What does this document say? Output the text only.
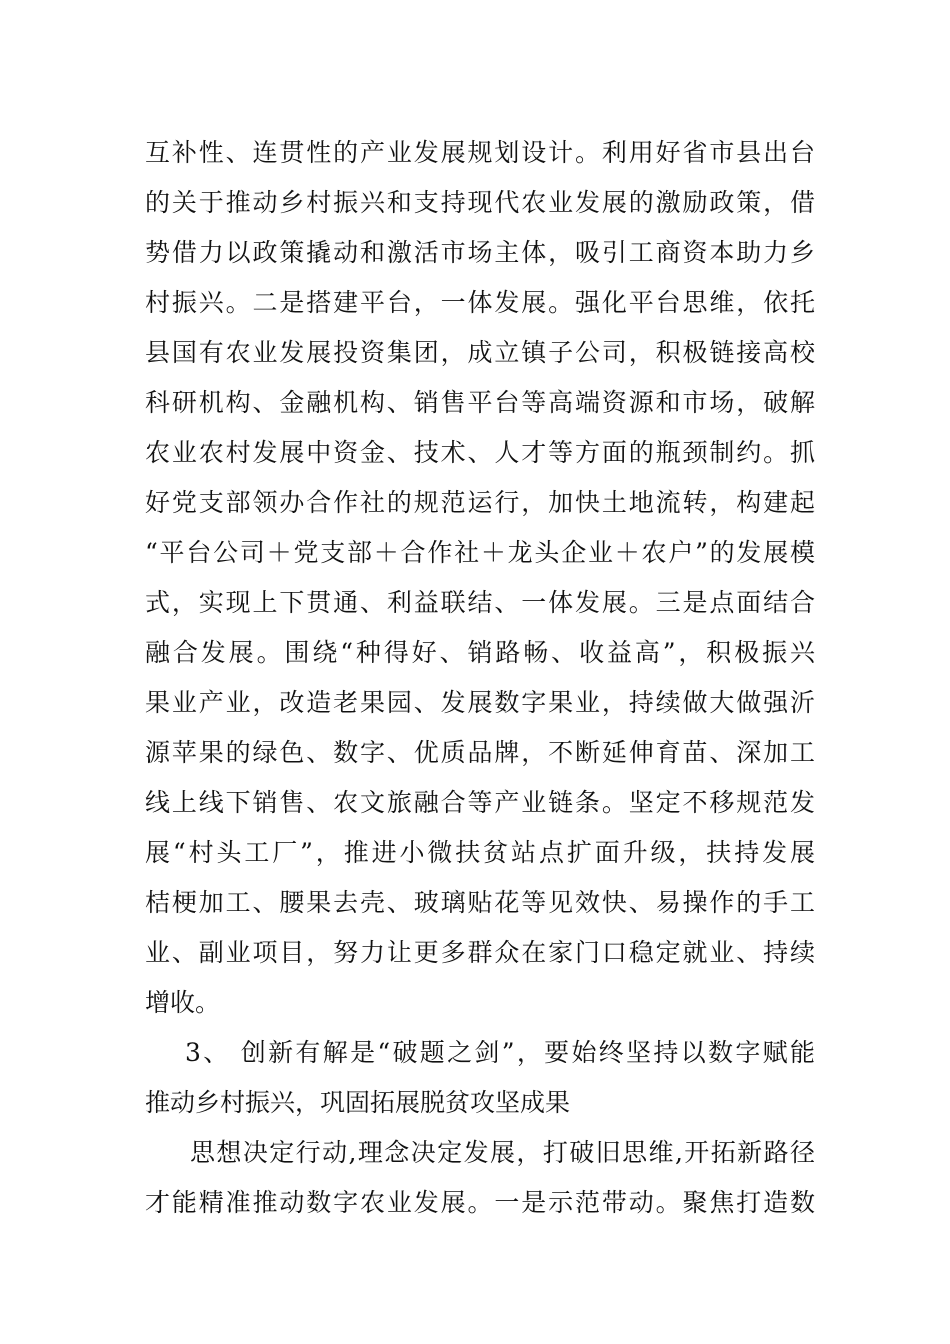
互补性、连贯性的产业发展规划设计。利用好省市县出台
的关于推动乡村振兴和支持现代农业发展的激励政策，借
势借力以政策撬动和激活市场主体，吸引工商资本助力乡
村振兴。二是搭建平台，一体发展。强化平台思维，依托
县国有农业发展投资集团，成立镇子公司，积极链接高校
科研机构、金融机构、销售平台等高端资源和市场，破解
农业农村发展中资金、技术、人才等方面的瓶颈制约。抓
好党支部领办合作社的规范运行，加快土地流转，构建起
“平台公司＋党支部＋合作社＋龙头企业＋农户”的发展模
式，实现上下贯通、利益联结、一体发展。三是点面结合
融合发展。围绕“种得好、销路畅、收益高”，积极振兴
果业产业，改造老果园、发展数字果业，持续做大做强沂
源苹果的绿色、数字、优质品牌，不断延伸育苗、深加工
线上线下销售、农文旅融合等产业链条。坚定不移规范发
展“村头工厂”，推进小微扶贫站点扩面升级，扶持发展
桔梗加工、腰果去壳、玻璃贴花等见效快、易操作的手工
业、副业项目，努力让更多群众在家门口稳定就业、持续
增收。
3、 创新有解是“破题之剑”，要始终坚持以数字赋能
推动乡村振兴，巩固拓展脱贫攻坚成果
思想决定行动,理念决定发展，打破旧思维,开拓新路径
才能精准推动数字农业发展。一是示范带动。聚焦打造数
